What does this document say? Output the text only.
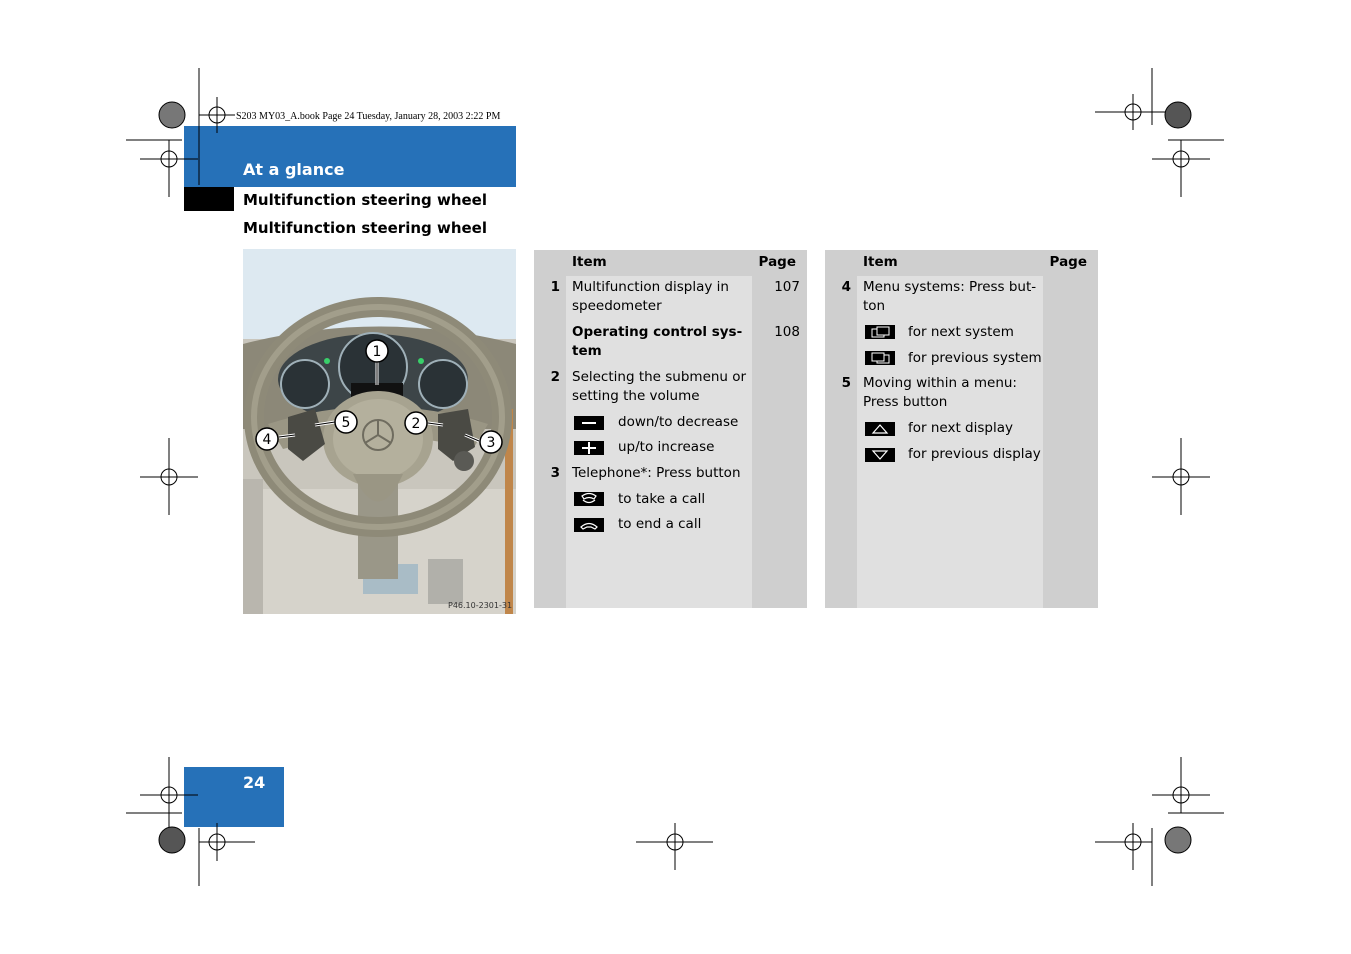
S203 MY03_A.book Page 24 Tuesday, January 28, 2003 2:22 PM
At a glance
Multifunction steering wheel
Multifunction steering wheel
1
2
3
4
5
P46.10-2301-31
Item	Page
1 Multifunction display in
speedometer
107
Operating control sys-
tem
108
2 Selecting the submenu or
setting the volume
down/to decrease
up/to increase
3 Telephone*: Press button
to take a call
to end a call
Item	Page
4 Menu systems: Press but-
ton
for next system
for previous system
5 Moving within a menu:
Press button
for next display
for previous display
24
